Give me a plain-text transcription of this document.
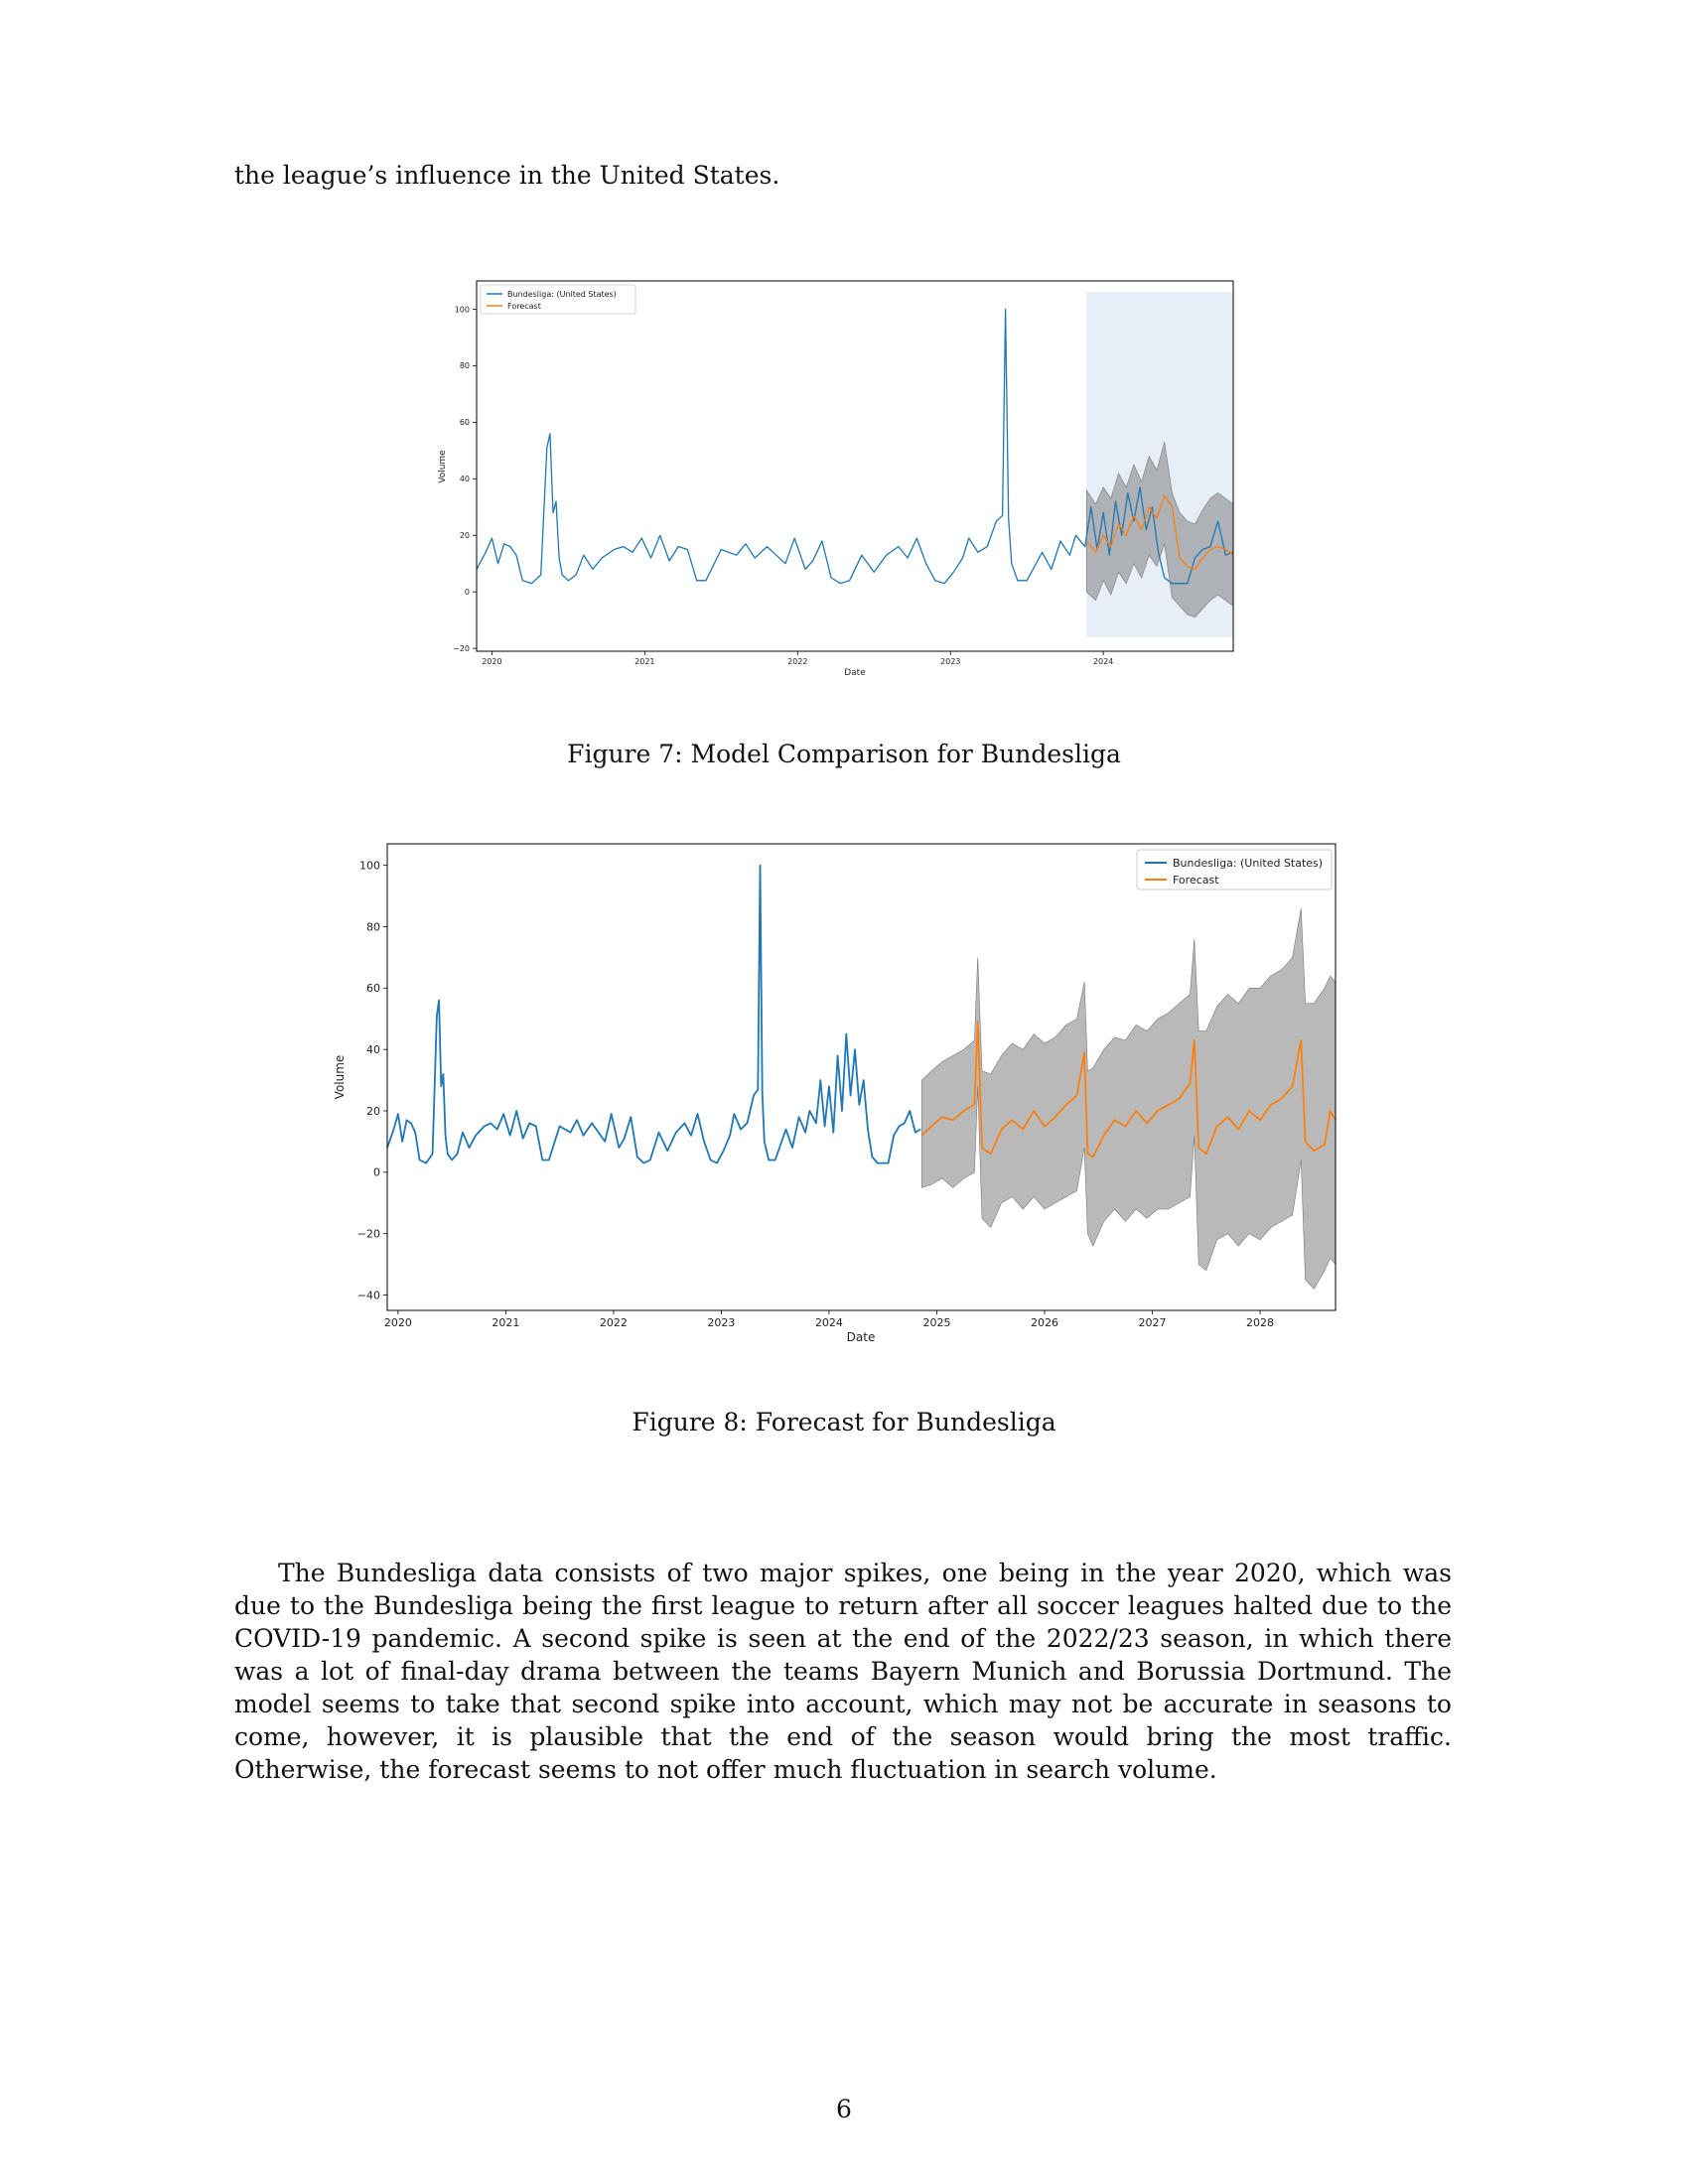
the league’s influence in the United States.
−20
0
20
40
60
80
100
2020	2021	2022	2023	2024
Volume
Date
Bundesliga: (United States)
Forecast
Figure 7: Model Comparison for Bundesliga
−40
−20
0
20
40
60
80
100
2020	2021	2022	2023	2024	2025	2026	2027	2028
Volume
Date
Bundesliga: (United States)
Forecast
Figure 8: Forecast for Bundesliga
The Bundesliga data consists of two major spikes, one being in the year 2020, which was due to the Bundesliga being the first league to return after all soccer leagues halted due to the COVID-19 pandemic. A second spike is seen at the end of the 2022/23 season, in which there was a lot of final-day drama between the teams Bayern Munich and Borussia Dortmund. The model seems to take that second spike into account, which may not be accurate in seasons to come, however, it is plausible that the end of the season would bring the most traffic. Otherwise, the forecast seems to not offer much fluctuation in search volume.
6
